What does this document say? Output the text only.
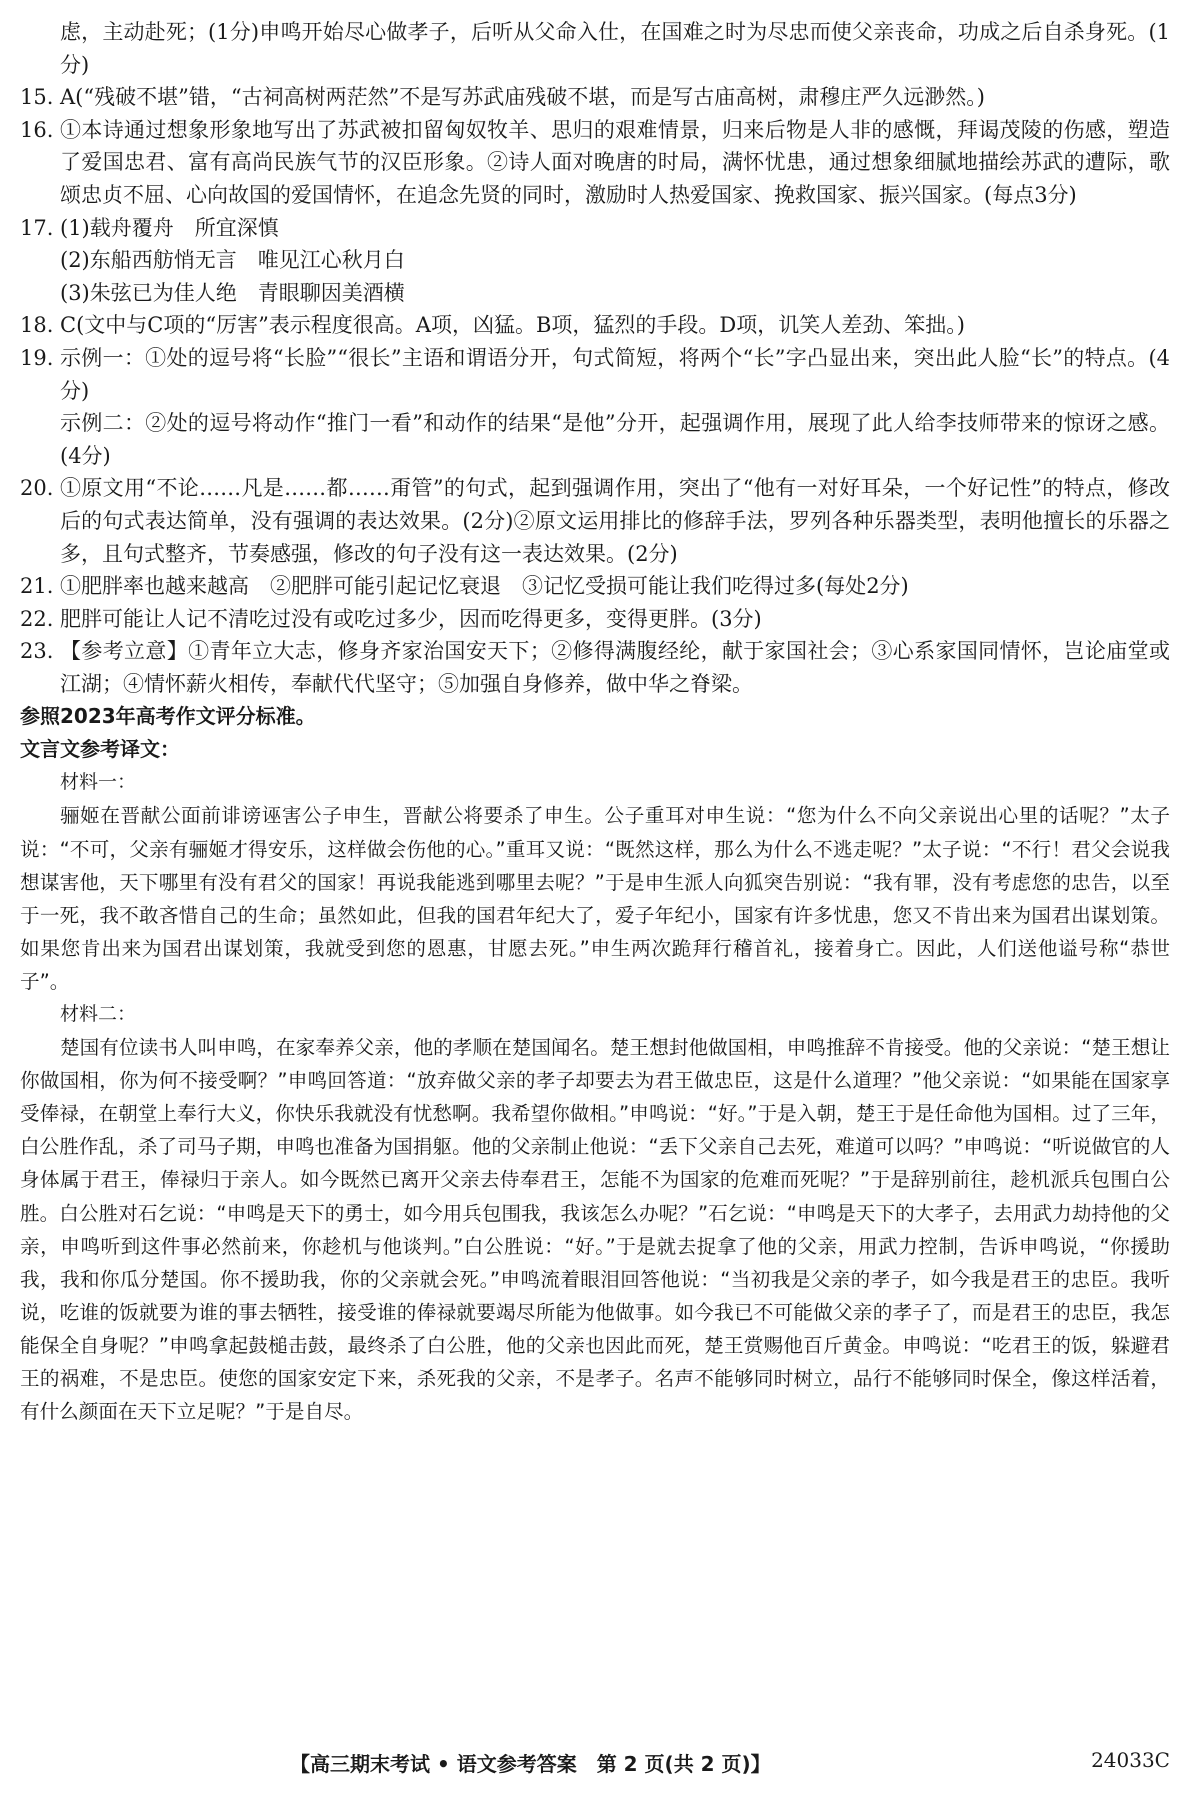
虑，主动赴死；(1分)申鸣开始尽心做孝子，后听从父命入仕，在国难之时为尽忠而使父亲丧命，功成之后自杀身死。(1分)

15. A(“残破不堪”错，“古祠高树两茫然”不是写苏武庙残破不堪，而是写古庙高树，肃穆庄严久远渺然。)
16. ①本诗通过想象形象地写出了苏武被扣留匈奴牧羊、思归的艰难情景，归来后物是人非的感慨，拜谒茂陵的伤感，塑造了爱国忠君、富有高尚民族气节的汉臣形象。②诗人面对晚唐的时局，满怀忧患，通过想象细腻地描绘苏武的遭际，歌颂忠贞不屈、心向故国的爱国情怀，在追念先贤的同时，激励时人热爱国家、挽救国家、振兴国家。(每点3分)
17. (1)载舟覆舟　所宜深慎
(2)东船西舫悄无言　唯见江心秋月白
(3)朱弦已为佳人绝　青眼聊因美酒横
18. C(文中与C项的“厉害”表示程度很高。A项，凶猛。B项，猛烈的手段。D项，讥笑人差劲、笨拙。)
19. 示例一：①处的逗号将“长脸”“很长”主语和谓语分开，句式简短，将两个“长”字凸显出来，突出此人脸“长”的特点。(4分)
示例二：②处的逗号将动作“推门一看”和动作的结果“是他”分开，起强调作用，展现了此人给李技师带来的惊讶之感。(4分)
20. ①原文用“不论……凡是……都……甭管”的句式，起到强调作用，突出了“他有一对好耳朵，一个好记性”的特点，修改后的句式表达简单，没有强调的表达效果。(2分)②原文运用排比的修辞手法，罗列各种乐器类型，表明他擅长的乐器之多，且句式整齐，节奏感强，修改的句子没有这一表达效果。(2分)
21. ①肥胖率也越来越高　②肥胖可能引起记忆衰退　③记忆受损可能让我们吃得过多(每处2分)
22. 肥胖可能让人记不清吃过没有或吃过多少，因而吃得更多，变得更胖。(3分)
23. 【参考立意】①青年立大志，修身齐家治国安天下；②修得满腹经纶，献于家国社会；③心系家国同情怀，岂论庙堂或江湖；④情怀薪火相传，奉献代代坚守；⑤加强自身修养，做中华之脊梁。

参照2023年高考作文评分标准。

文言文参考译文：

材料一：

骊姬在晋献公面前诽谤诬害公子申生，晋献公将要杀了申生。公子重耳对申生说：“您为什么不向父亲说出心里的话呢？”太子说：“不可，父亲有骊姬才得安乐，这样做会伤他的心。”重耳又说：“既然这样，那么为什么不逃走呢？”太子说：“不行！君父会说我想谋害他，天下哪里有没有君父的国家！再说我能逃到哪里去呢？”于是申生派人向狐突告别说：“我有罪，没有考虑您的忠告，以至于一死，我不敢吝惜自己的生命；虽然如此，但我的国君年纪大了，爱子年纪小，国家有许多忧患，您又不肯出来为国君出谋划策。如果您肯出来为国君出谋划策，我就受到您的恩惠，甘愿去死。”申生两次跪拜行稽首礼，接着身亡。因此，人们送他谥号称“恭世子”。

材料二：

楚国有位读书人叫申鸣，在家奉养父亲，他的孝顺在楚国闻名。楚王想封他做国相，申鸣推辞不肯接受。他的父亲说：“楚王想让你做国相，你为何不接受啊？”申鸣回答道：“放弃做父亲的孝子却要去为君王做忠臣，这是什么道理？”他父亲说：“如果能在国家享受俸禄，在朝堂上奉行大义，你快乐我就没有忧愁啊。我希望你做相。”申鸣说：“好。”于是入朝，楚王于是任命他为国相。过了三年，白公胜作乱，杀了司马子期，申鸣也准备为国捐躯。他的父亲制止他说：“丢下父亲自己去死，难道可以吗？”申鸣说：“听说做官的人身体属于君王，俸禄归于亲人。如今既然已离开父亲去侍奉君王，怎能不为国家的危难而死呢？”于是辞别前往，趁机派兵包围白公胜。白公胜对石乞说：“申鸣是天下的勇士，如今用兵包围我，我该怎么办呢？”石乞说：“申鸣是天下的大孝子，去用武力劫持他的父亲，申鸣听到这件事必然前来，你趁机与他谈判。”白公胜说：“好。”于是就去捉拿了他的父亲，用武力控制，告诉申鸣说，“你援助我，我和你瓜分楚国。你不援助我，你的父亲就会死。”申鸣流着眼泪回答他说：“当初我是父亲的孝子，如今我是君王的忠臣。我听说，吃谁的饭就要为谁的事去牺牲，接受谁的俸禄就要竭尽所能为他做事。如今我已不可能做父亲的孝子了，而是君王的忠臣，我怎能保全自身呢？”申鸣拿起鼓槌击鼓，最终杀了白公胜，他的父亲也因此而死，楚王赏赐他百斤黄金。申鸣说：“吃君王的饭，躲避君王的祸难，不是忠臣。使您的国家安定下来，杀死我的父亲，不是孝子。名声不能够同时树立，品行不能够同时保全，像这样活着，有什么颜面在天下立足呢？”于是自尽。

【高三期末考试 • 语文参考答案　第 2 页(共 2 页)】	24033C
